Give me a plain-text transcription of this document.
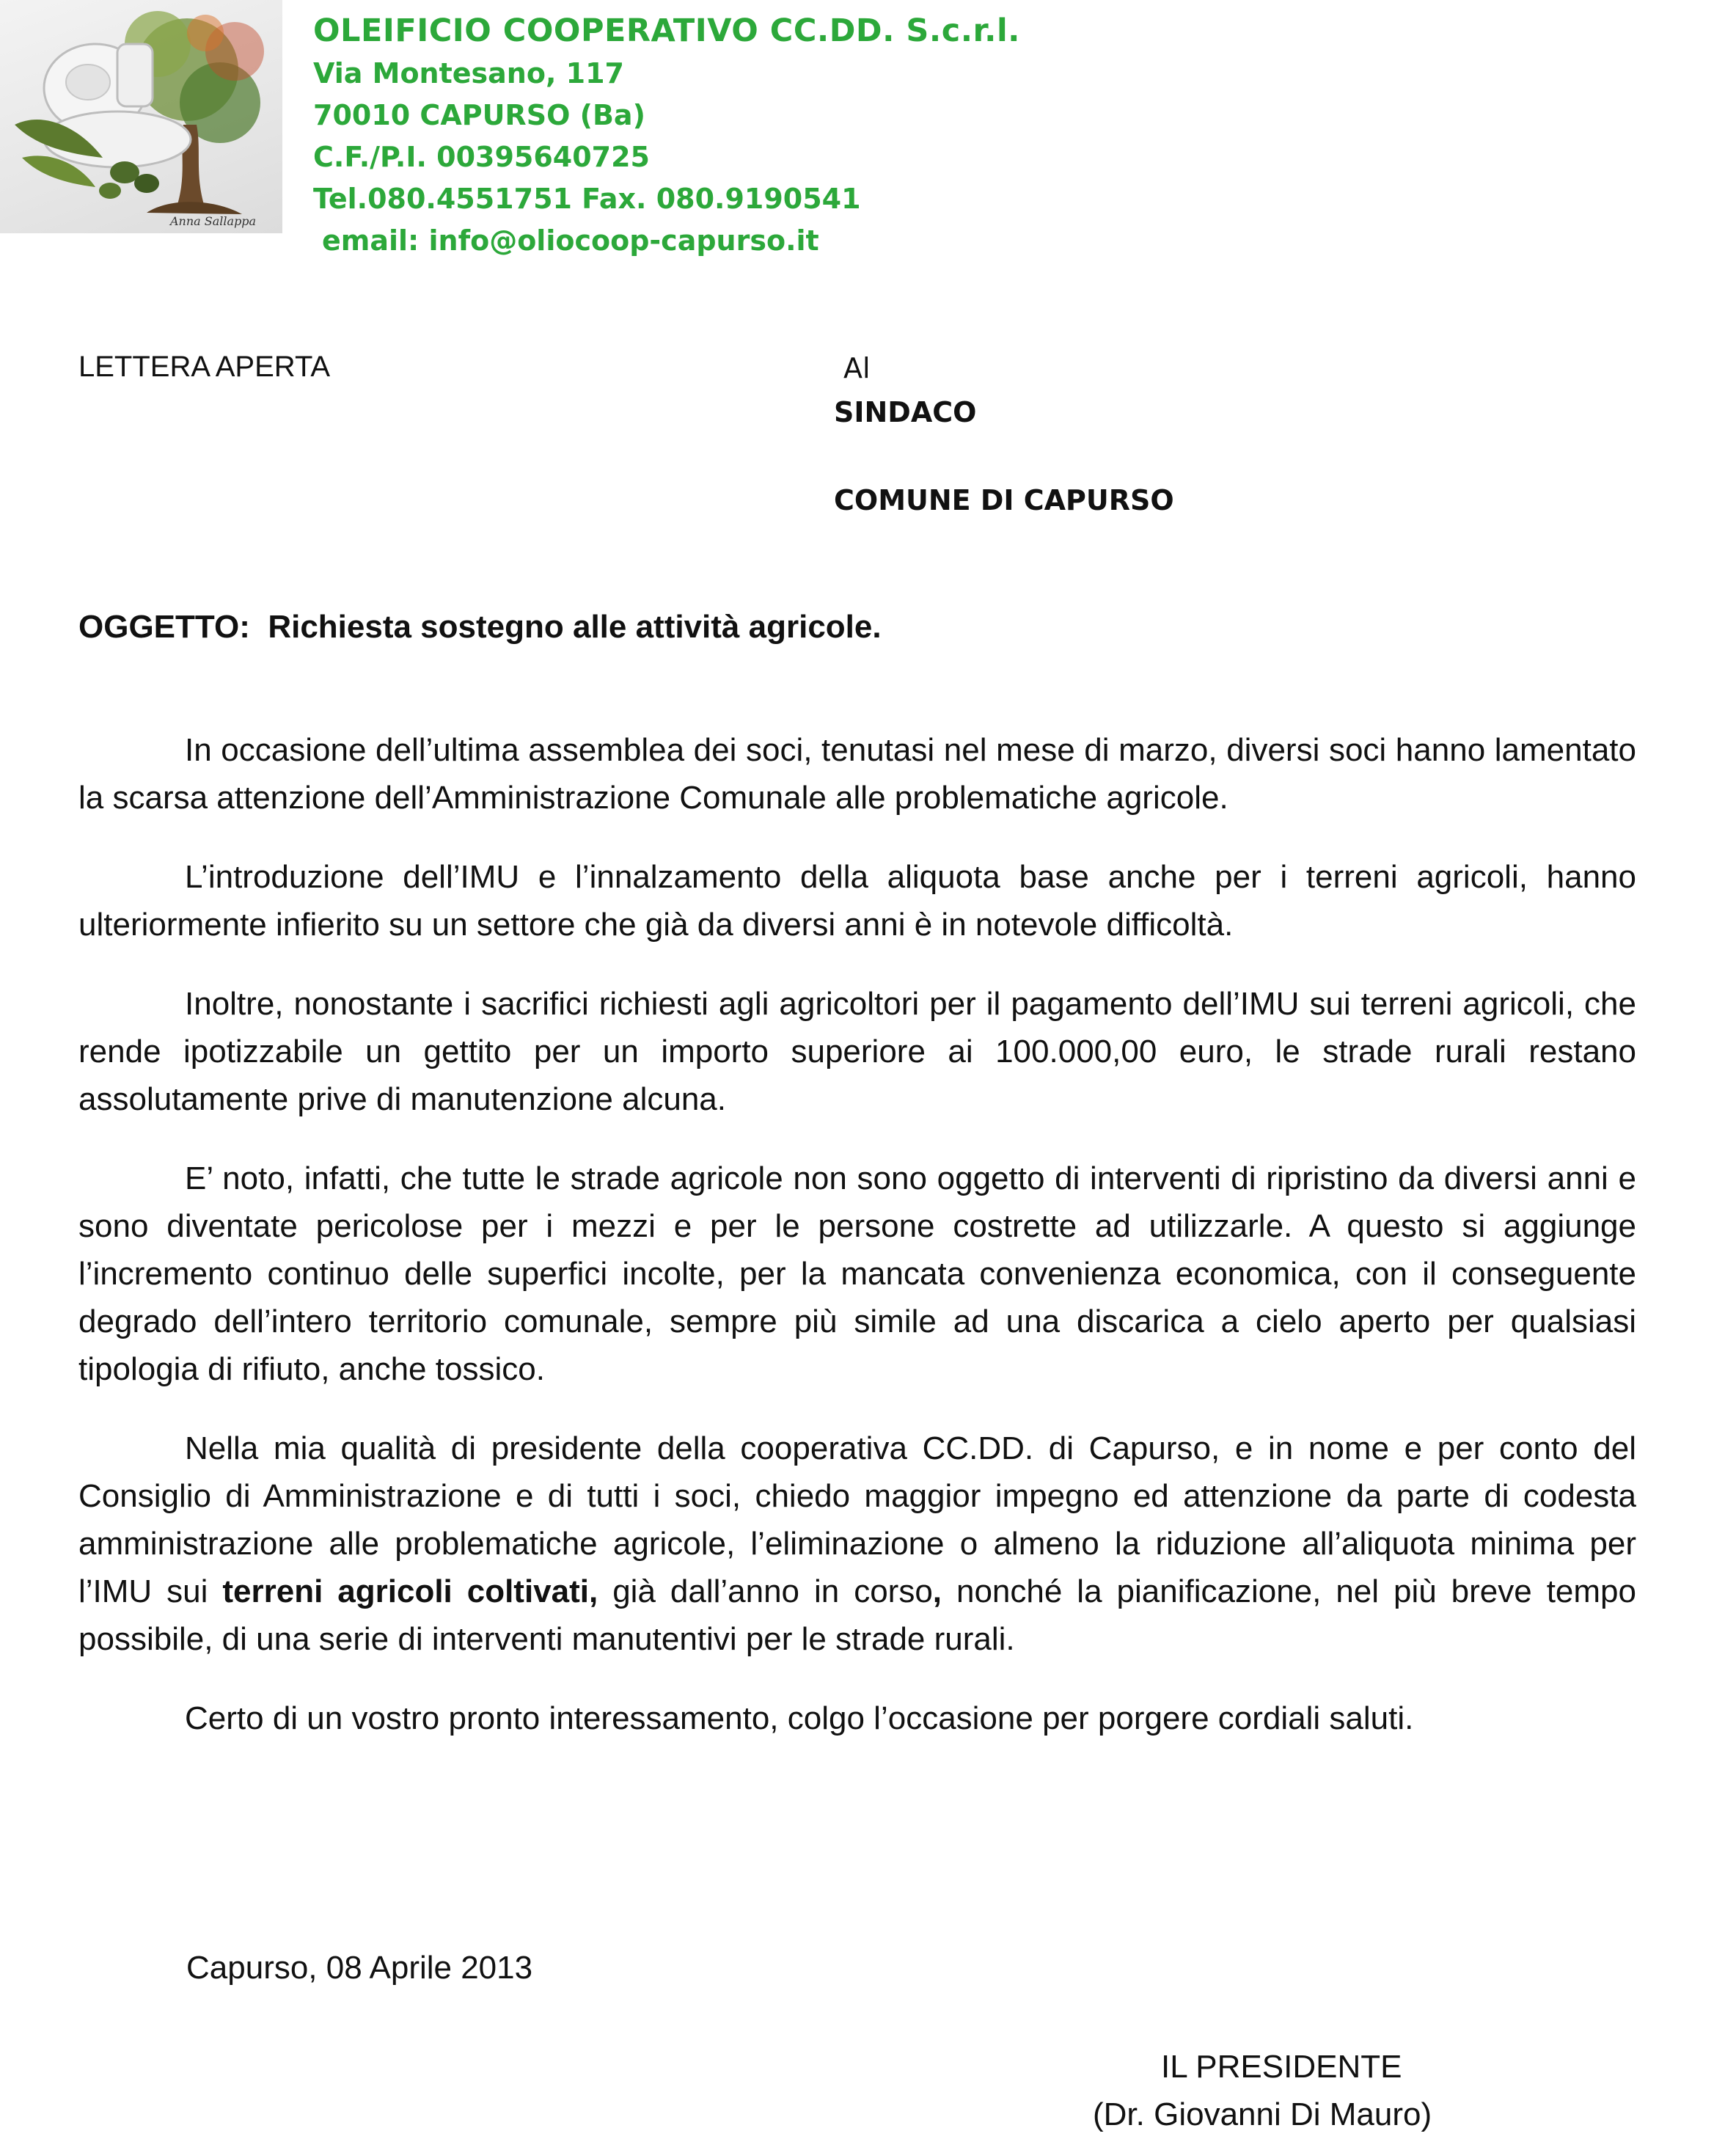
Anna Sallappa
OLEIFICIO COOPERATIVO CC.DD. S.c.r.l.
Via Montesano, 117
70010 CAPURSO (Ba)
C.F./P.I. 00395640725
Tel.080.4551751 Fax. 080.9190541
email: info@oliocoop-capurso.it
LETTERA APERTA	Al
SINDACO
COMUNE DI CAPURSO
OGGETTO: Richiesta sostegno alle attività agricole.

In occasione dell’ultima assemblea dei soci, tenutasi nel mese di marzo, diversi soci hanno lamentato la scarsa attenzione dell’Amministrazione Comunale alle problematiche agricole.

L’introduzione dell’IMU e l’innalzamento della aliquota base anche per i terreni agricoli, hanno ulteriormente infierito su un settore che già da diversi anni è in notevole difficoltà.

Inoltre, nonostante i sacrifici richiesti agli agricoltori per il pagamento dell’IMU sui terreni agricoli, che rende ipotizzabile un gettito per un importo superiore ai 100.000,00 euro, le strade rurali restano assolutamente prive di manutenzione alcuna.

E’ noto, infatti, che tutte le strade agricole non sono oggetto di interventi di ripristino da diversi anni e sono diventate pericolose per i mezzi e per le persone costrette ad utilizzarle. A questo si aggiunge l’incremento continuo delle superfici incolte, per la mancata convenienza economica, con il conseguente degrado dell’intero territorio comunale, sempre più simile ad una discarica a cielo aperto per qualsiasi tipologia di rifiuto, anche tossico.

Nella mia qualità di presidente della cooperativa CC.DD. di Capurso, e in nome e per conto del Consiglio di Amministrazione e di tutti i soci, chiedo maggior impegno ed attenzione da parte di codesta amministrazione alle problematiche agricole, l’eliminazione o almeno la riduzione all’aliquota minima per l’IMU sui terreni agricoli coltivati, già dall’anno in corso, nonché la pianificazione, nel più breve tempo possibile, di una serie di interventi manutentivi per le strade rurali.

Certo di un vostro pronto interessamento, colgo l’occasione per porgere cordiali saluti.

Capurso, 08 Aprile 2013
IL PRESIDENTE
(Dr. Giovanni Di Mauro)
